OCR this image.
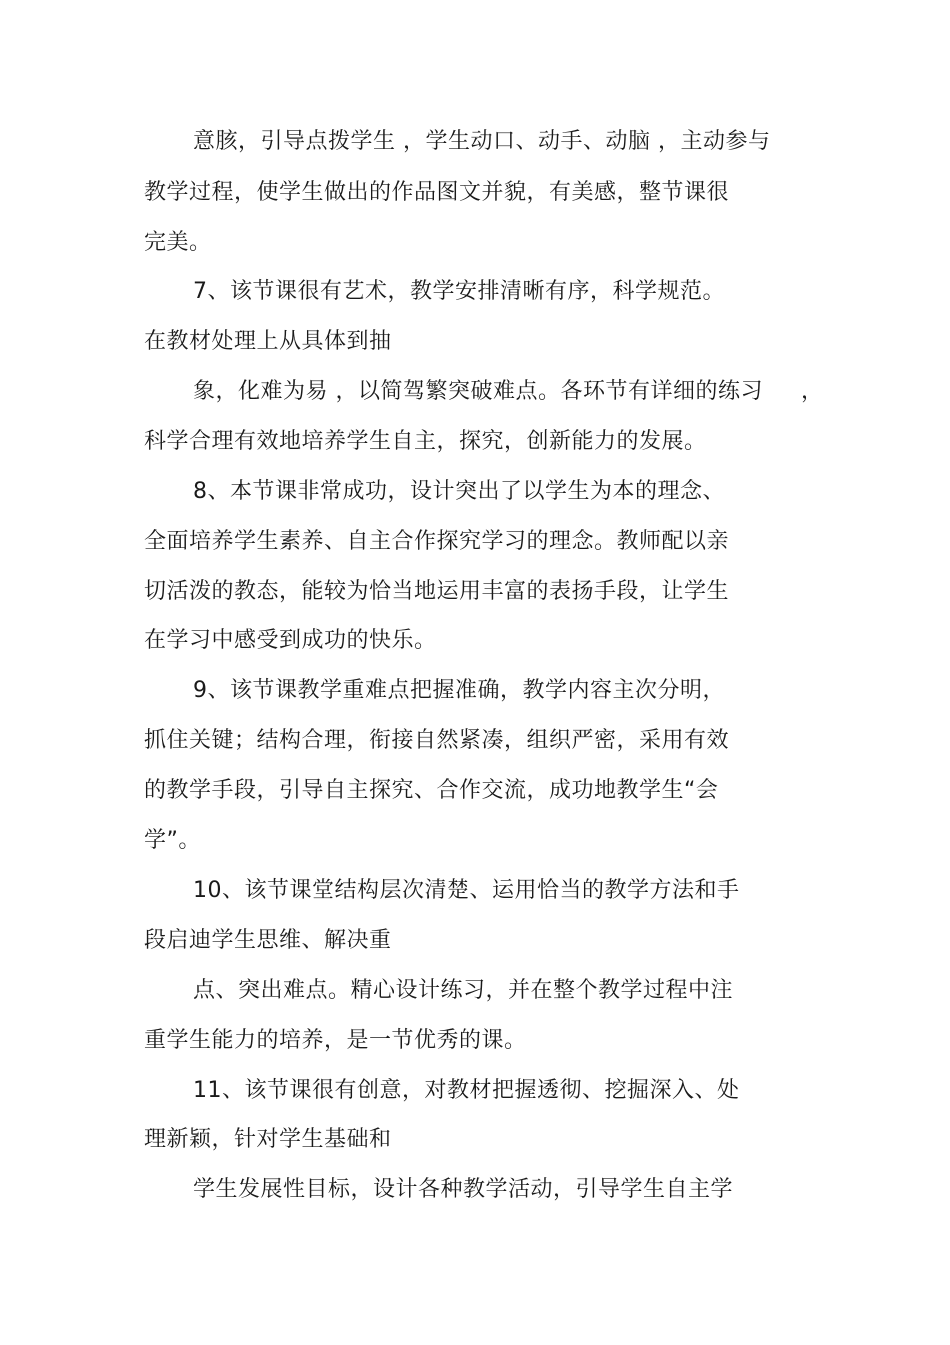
意胲，引导点拨学生 ，学生动口、动手、动脑 ，主动参与
教学过程，使学生做出的作品图文并貌，有美感，整节课很
完美。
7、该节课很有艺术，教学安排清晰有序，科学规范。
在教材处理上从具体到抽
象，化难为易 ，以简驾繁突破难点。各环节有详细的练习 ，
科学合理有效地培养学生自主，探究，创新能力的发展。
8、本节课非常成功，设计突出了以学生为本的理念、
全面培养学生素养、自主合作探究学习的理念。教师配以亲
切活泼的教态，能较为恰当地运用丰富的表扬手段，让学生
在学习中感受到成功的快乐。
9、该节课教学重难点把握准确，教学内容主次分明，
抓住关键；结构合理，衔接自然紧凑，组织严密，采用有效
的教学手段，引导自主探究、合作交流，成功地教学生“会
学”。
10、该节课堂结构层次清楚、运用恰当的教学方法和手
段启迪学生思维、解决重
点、突出难点。精心设计练习，并在整个教学过程中注
重学生能力的培养，是一节优秀的课。
11、该节课很有创意，对教材把握透彻、挖掘深入、处
理新颖，针对学生基础和
学生发展性目标，设计各种教学活动，引导学生自主学
